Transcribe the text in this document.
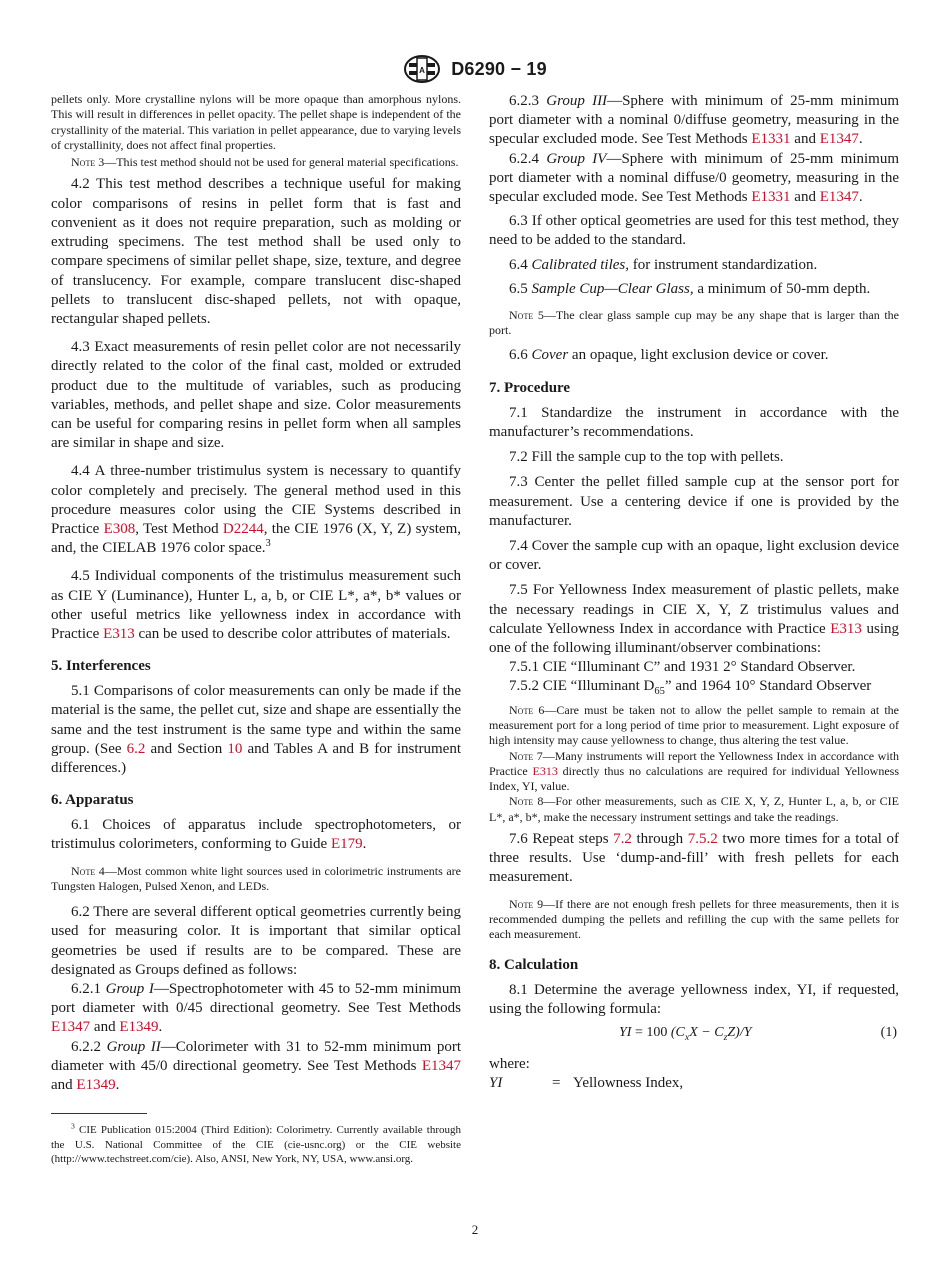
A D6290 − 19

pellets only. More crystalline nylons will be more opaque than amorphous nylons. This will result in differences in pellet opacity. The pellet shape is independent of the crystallinity of the material. This variation in pellet appearance, due to varying levels of crystallinity, does not affect final properties.

Note 3—This test method should not be used for general material specifications.

4.2 This test method describes a technique useful for making color comparisons of resins in pellet form that is fast and convenient as it does not require preparation, such as molding or extruding specimens. The test method shall be used only to compare specimens of similar pellet shape, size, texture, and degree of translucency. For example, compare translucent disc-shaped pellets to translucent disc-shaped pellets, not with opaque, rectangular shaped pellets.

4.3 Exact measurements of resin pellet color are not necessarily directly related to the color of the final cast, molded or extruded product due to the multitude of variables, such as producing variables, methods, and pellet shape and size. Color measurements can be useful for comparing resins in pellet form when all samples are similar in shape and size.

4.4 A three-number tristimulus system is necessary to quantify color completely and precisely. The general method used in this procedure measures color using the CIE Systems described in Practice E308, Test Method D2244, the CIE 1976 (X, Y, Z) system, and, the CIELAB 1976 color space.$^3$

4.5 Individual components of the tristimulus measurement such as CIE Y (Luminance), Hunter L, a, b, or CIE L*, a*, b* values or other useful metrics like yellowness index in accordance with Practice E313 can be used to describe color attributes of materials.

5. Interferences

5.1 Comparisons of color measurements can only be made if the material is the same, the pellet cut, size and shape are essentially the same and the test instrument is the same type and within the same group. (See 6.2 and Section 10 and Tables A and B for instrument differences.)

6. Apparatus

6.1 Choices of apparatus include spectrophotometers, or tristimulus colorimeters, conforming to Guide E179.

Note 4—Most common white light sources used in colorimetric instruments are Tungsten Halogen, Pulsed Xenon, and LEDs.

6.2 There are several different optical geometries currently being used for measuring color. It is important that similar optical geometries be used if results are to be compared. These are designated as Groups defined as follows:

6.2.1 Group I—Spectrophotometer with 45 to 52-mm minimum port diameter with 0/45 directional geometry. See Test Methods E1347 and E1349.

6.2.2 Group II—Colorimeter with 31 to 52-mm minimum port diameter with 45/0 directional geometry. See Test Methods E1347 and E1349.

$^3$ CIE Publication 015:2004 (Third Edition): Colorimetry. Currently available through the U.S. National Committee of the CIE (cie-usnc.org) or the CIE website (http://www.techstreet.com/cie). Also, ANSI, New York, NY, USA, www.ansi.org.

6.2.3 Group III—Sphere with minimum of 25-mm minimum port diameter with a nominal 0/diffuse geometry, measuring in the specular excluded mode. See Test Methods E1331 and E1347.

6.2.4 Group IV—Sphere with minimum of 25-mm minimum port diameter with a nominal diffuse/0 geometry, measuring in the specular excluded mode. See Test Methods E1331 and E1347.

6.3 If other optical geometries are used for this test method, they need to be added to the standard.

6.4 Calibrated tiles, for instrument standardization.

6.5 Sample Cup—Clear Glass, a minimum of 50-mm depth.

Note 5—The clear glass sample cup may be any shape that is larger than the port.

6.6 Cover an opaque, light exclusion device or cover.

7. Procedure

7.1 Standardize the instrument in accordance with the manufacturer’s recommendations.

7.2 Fill the sample cup to the top with pellets.

7.3 Center the pellet filled sample cup at the sensor port for measurement. Use a centering device if one is provided by the manufacturer.

7.4 Cover the sample cup with an opaque, light exclusion device or cover.

7.5 For Yellowness Index measurement of plastic pellets, make the necessary readings in CIE X, Y, Z tristimulus values and calculate Yellowness Index in accordance with Practice E313 using one of the following illuminant/observer combinations:

7.5.1 CIE “Illuminant C” and 1931 2° Standard Observer.

7.5.2 CIE “Illuminant $D_{65}$” and 1964 10° Standard Observer

Note 6—Care must be taken not to allow the pellet sample to remain at the measurement port for a long period of time prior to measurement. Light exposure of high intensity may cause yellowness to change, thus altering the test value.

Note 7—Many instruments will report the Yellowness Index in accordance with Practice E313 directly thus no calculations are required for individual Yellowness Index, YI, value.

Note 8—For other measurements, such as CIE X, Y, Z, Hunter L, a, b, or CIE L*, a*, b*, make the necessary instrument settings and take the readings.

7.6 Repeat steps 7.2 through 7.5.2 two more times for a total of three results. Use ‘dump-and-fill’ with fresh pellets for each measurement.

Note 9—If there are not enough fresh pellets for three measurements, then it is recommended dumping the pellets and refilling the cup with the same pellets for each measurement.

8. Calculation

8.1 Determine the average yellowness index, YI, if requested, using the following formula:

YI = 100 $(C_xX - C_zZ)/Y$	(1)

where:

YI	= Yellowness Index,
2
